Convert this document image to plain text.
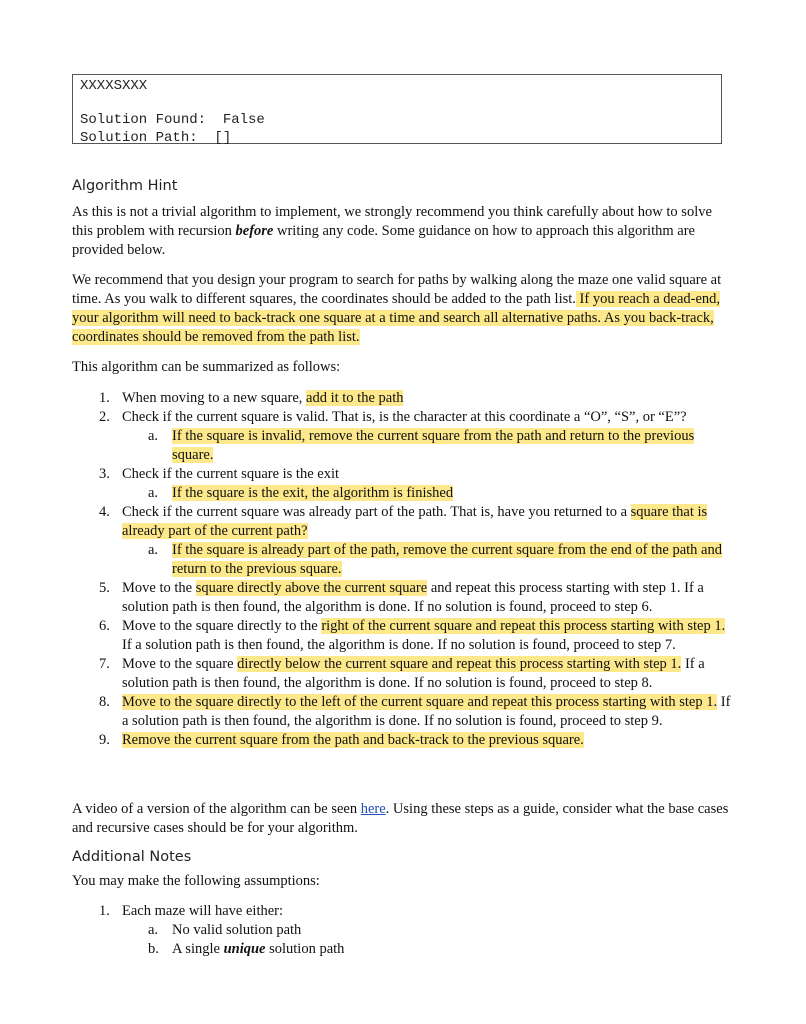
XXXXSXXX
Solution Found:  False
Solution Path:  []
Algorithm Hint
As this is not a trivial algorithm to implement, we strongly recommend you think carefully about how to solve this problem with recursion before writing any code. Some guidance on how to approach this algorithm are provided below.
We recommend that you design your program to search for paths by walking along the maze one valid square at time. As you walk to different squares, the coordinates should be added to the path list. If you reach a dead-end, your algorithm will need to back-track one square at a time and search all alternative paths. As you back-track, coordinates should be removed from the path list.
This algorithm can be summarized as follows:
1. When moving to a new square, add it to the path
2. Check if the current square is valid. That is, is the character at this coordinate a “O”, “S”, or “E”?
a. If the square is invalid, remove the current square from the path and return to the previous square.
3. Check if the current square is the exit
a. If the square is the exit, the algorithm is finished
4. Check if the current square was already part of the path. That is, have you returned to a square that is already part of the current path?
a. If the square is already part of the path, remove the current square from the end of the path and return to the previous square.
5. Move to the square directly above the current square and repeat this process starting with step 1. If a solution path is then found, the algorithm is done. If no solution is found, proceed to step 6.
6. Move to the square directly to the right of the current square and repeat this process starting with step 1. If a solution path is then found, the algorithm is done. If no solution is found, proceed to step 7.
7. Move to the square directly below the current square and repeat this process starting with step 1. If a solution path is then found, the algorithm is done. If no solution is found, proceed to step 8.
8. Move to the square directly to the left of the current square and repeat this process starting with step 1. If a solution path is then found, the algorithm is done. If no solution is found, proceed to step 9.
9. Remove the current square from the path and back-track to the previous square.
A video of a version of the algorithm can be seen here. Using these steps as a guide, consider what the base cases and recursive cases should be for your algorithm.
Additional Notes
You may make the following assumptions:
1. Each maze will have either:
a. No valid solution path
b. A single unique solution path
